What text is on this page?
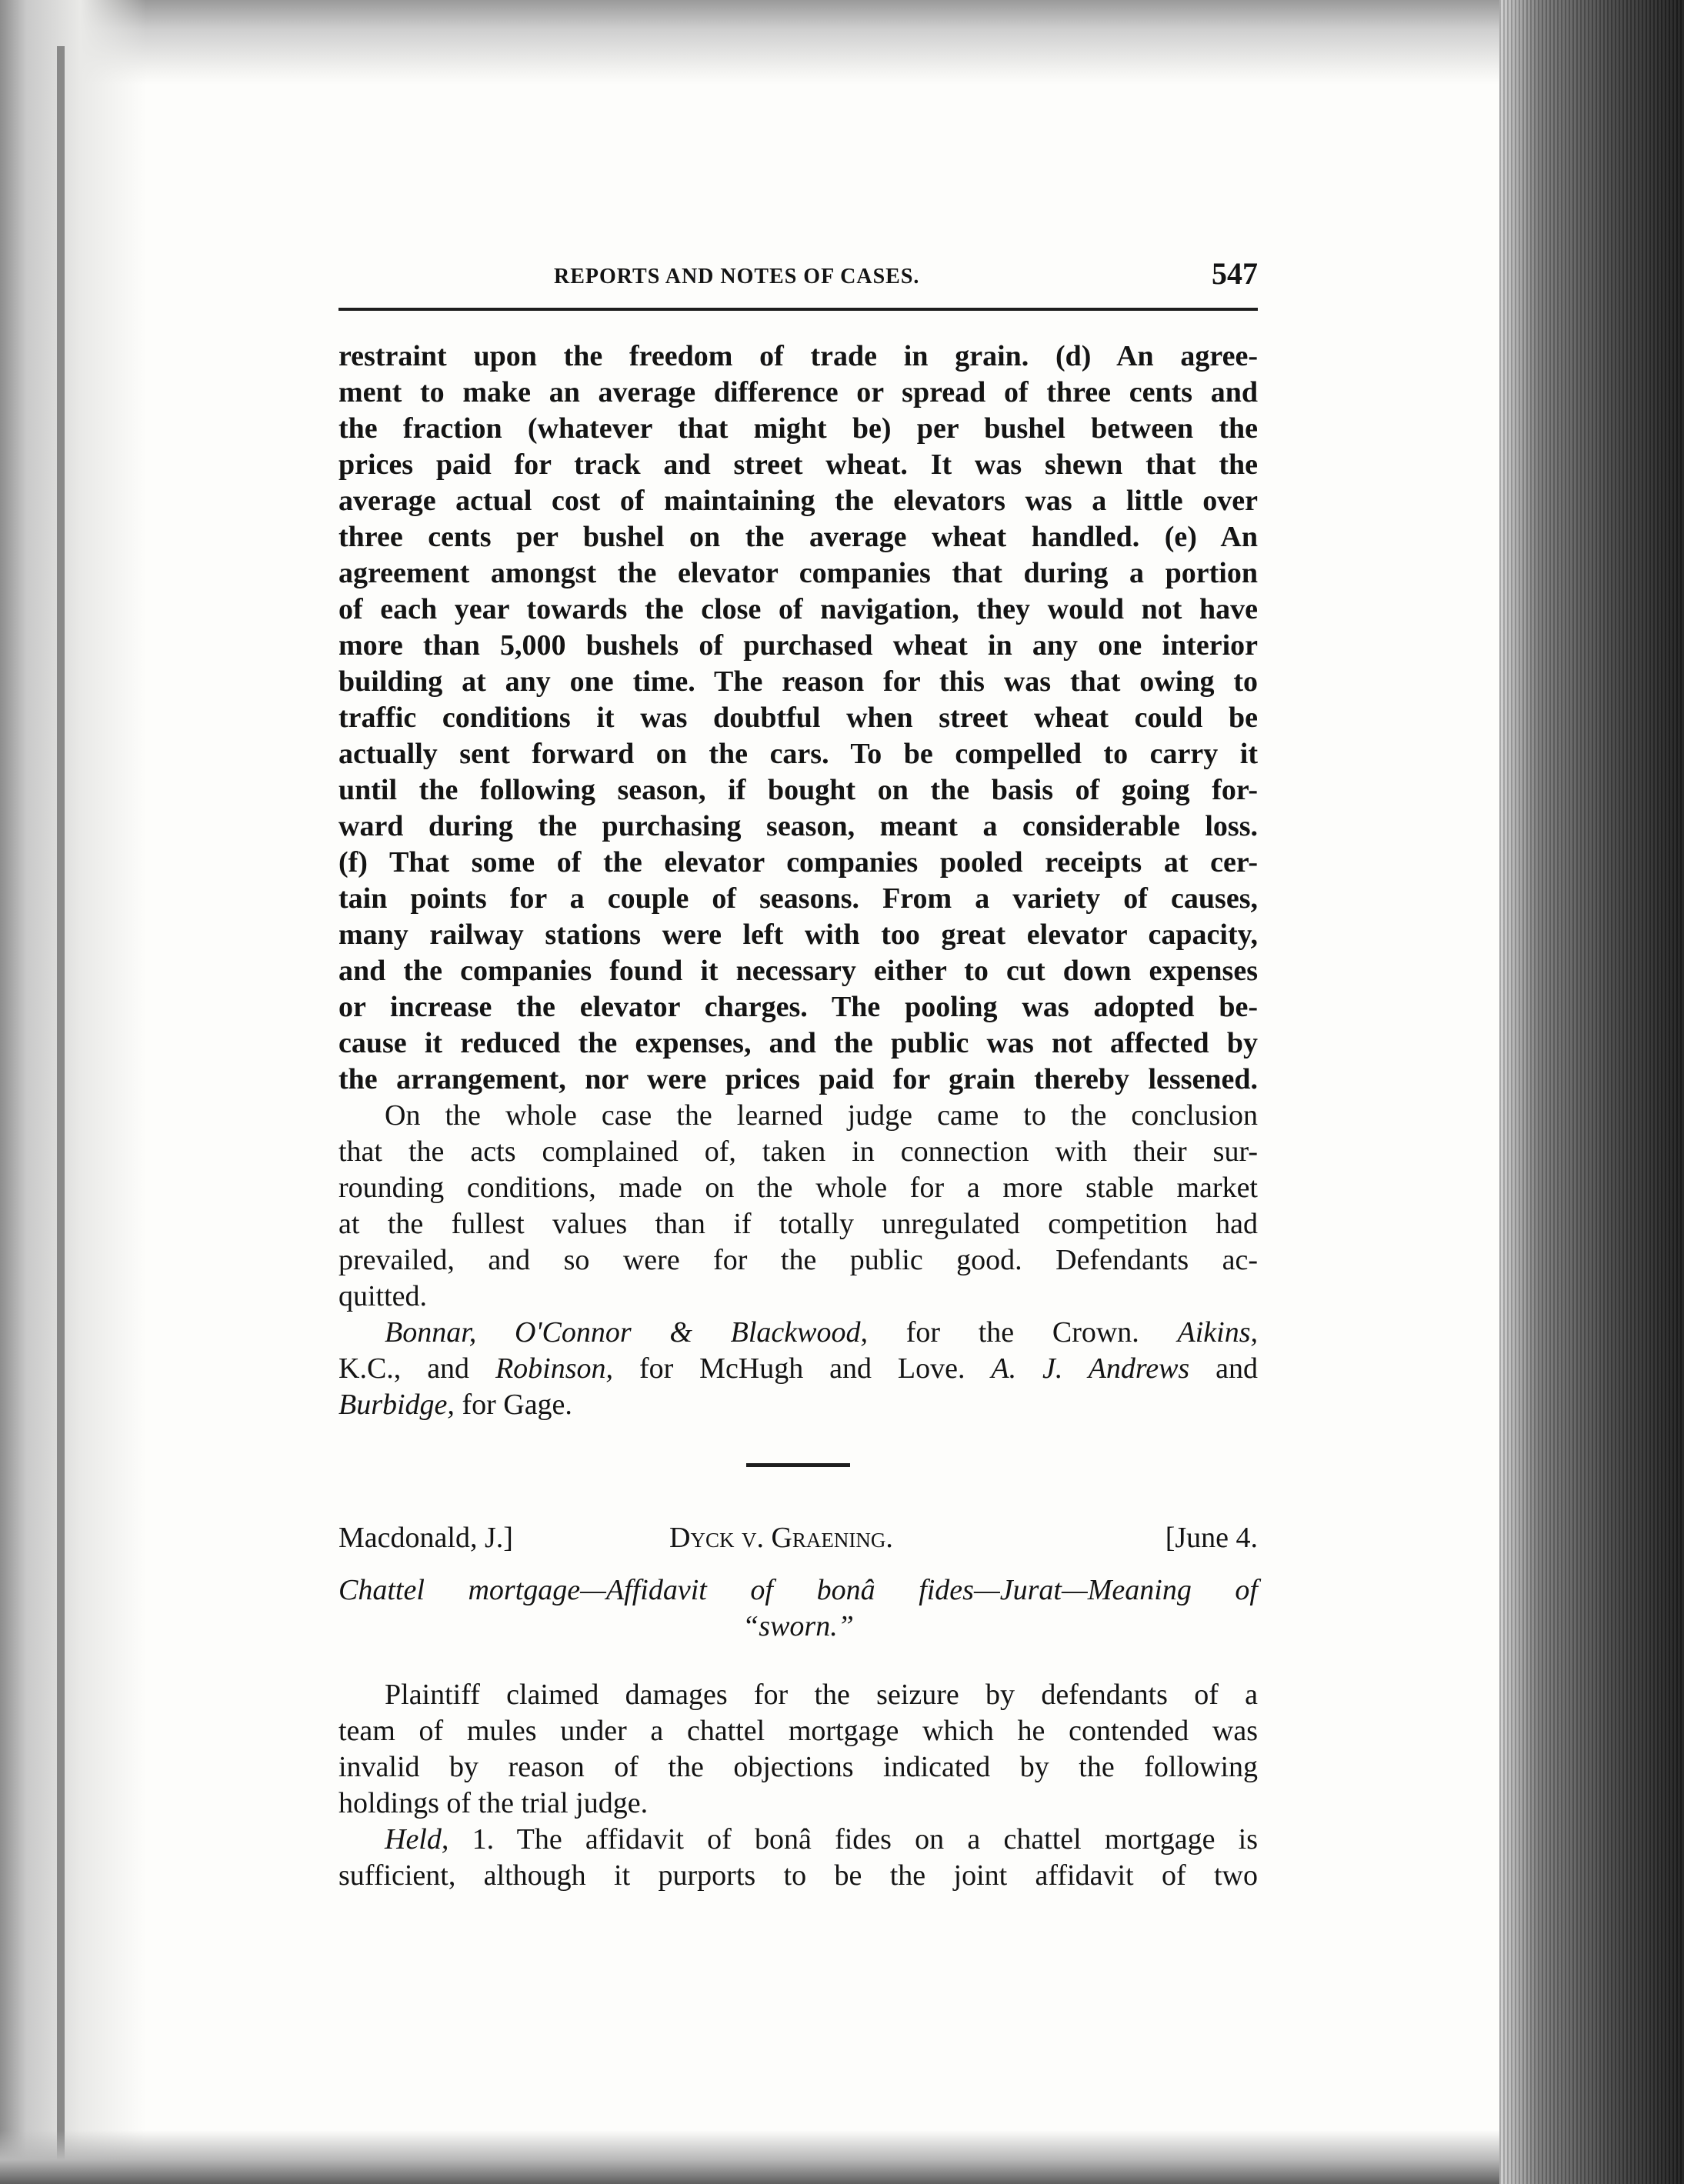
REPORTS AND NOTES OF CASES.	547
restraint upon the freedom of trade in grain. (d) An agree-
ment to make an average difference or spread of three cents and
the fraction (whatever that might be) per bushel between the
prices paid for track and street wheat. It was shewn that the
average actual cost of maintaining the elevators was a little over
three cents per bushel on the average wheat handled. (e) An
agreement amongst the elevator companies that during a portion
of each year towards the close of navigation, they would not have
more than 5,000 bushels of purchased wheat in any one interior
building at any one time. The reason for this was that owing to
traffic conditions it was doubtful when street wheat could be
actually sent forward on the cars. To be compelled to carry it
until the following season, if bought on the basis of going for-
ward during the purchasing season, meant a considerable loss.
(f) That some of the elevator companies pooled receipts at cer-
tain points for a couple of seasons. From a variety of causes,
many railway stations were left with too great elevator capacity,
and the companies found it necessary either to cut down expenses
or increase the elevator charges. The pooling was adopted be-
cause it reduced the expenses, and the public was not affected by
the arrangement, nor were prices paid for grain thereby lessened.
On the whole case the learned judge came to the conclusion
that the acts complained of, taken in connection with their sur-
rounding conditions, made on the whole for a more stable market
at the fullest values than if totally unregulated competition had
prevailed, and so were for the public good. Defendants ac-
quitted.
Bonnar, O'Connor & Blackwood, for the Crown. Aikins,
K.C., and Robinson, for McHugh and Love. A. J. Andrews and
Burbidge, for Gage.
Macdonald, J.]	Dyck v. Graening.	[June 4.
Chattel mortgage—Affidavit of bonâ fides—Jurat—Meaning of
“sworn.”
Plaintiff claimed damages for the seizure by defendants of a
team of mules under a chattel mortgage which he contended was
invalid by reason of the objections indicated by the following
holdings of the trial judge.
Held, 1. The affidavit of bonâ fides on a chattel mortgage is
sufficient, although it purports to be the joint affidavit of two
